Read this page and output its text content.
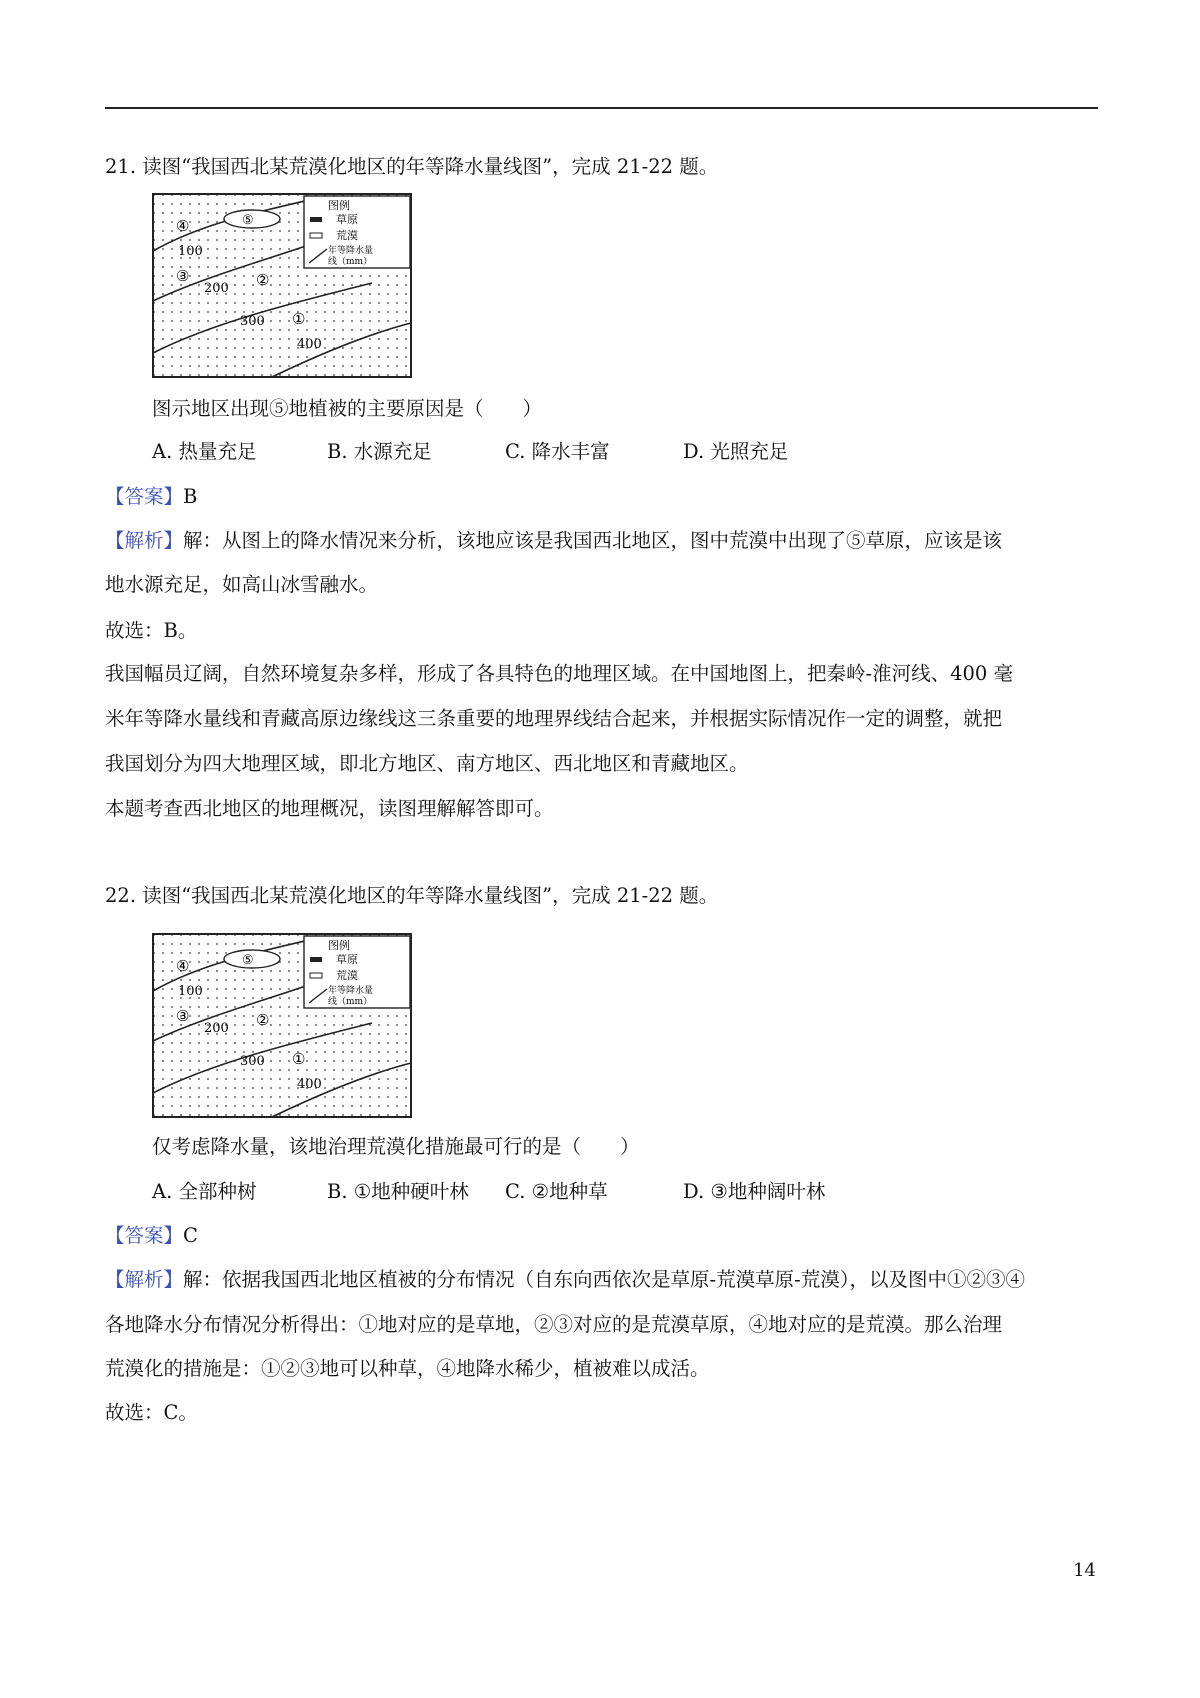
21. 读图“我国西北某荒漠化地区的年等降水量线图”，完成 21-22 题。
图例
草原
荒漠
年等降水量
线（mm）
100
200
300
400
④	⑤
③	②
①
图示地区出现⑤地植被的主要原因是（　　）
A. 热量充足	B. 水源充足	C. 降水丰富	D. 光照充足
【答案】B
【解析】解：从图上的降水情况来分析，该地应该是我国西北地区，图中荒漠中出现了⑤草原，应该是该
地水源充足，如高山冰雪融水。
故选：B。
我国幅员辽阔，自然环境复杂多样，形成了各具特色的地理区域。在中国地图上，把秦岭-淮河线、400 毫
米年等降水量线和青藏高原边缘线这三条重要的地理界线结合起来，并根据实际情况作一定的调整，就把
我国划分为四大地理区域，即北方地区、南方地区、西北地区和青藏地区。
本题考查西北地区的地理概况，读图理解解答即可。
22. 读图“我国西北某荒漠化地区的年等降水量线图”，完成 21-22 题。
图例
草原
荒漠
年等降水量
线（mm）
100
200
300
400
④	⑤
③	②
①
仅考虑降水量，该地治理荒漠化措施最可行的是（　　）
A. 全部种树	B. ①地种硬叶林 C. ②地种草	D. ③地种阔叶林
【答案】C
【解析】解：依据我国西北地区植被的分布情况（自东向西依次是草原-荒漠草原-荒漠），以及图中①②③④
各地降水分布情况分析得出：①地对应的是草地，②③对应的是荒漠草原，④地对应的是荒漠。那么治理
荒漠化的措施是：①②③地可以种草，④地降水稀少，植被难以成活。
故选：C。
14
